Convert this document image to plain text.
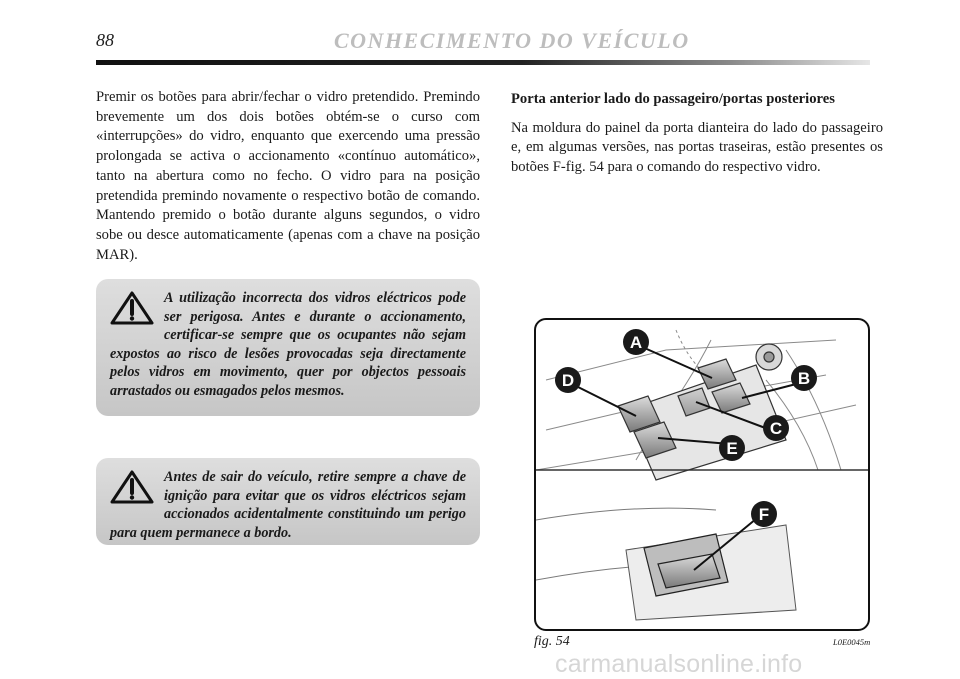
88	CONHECIMENTO DO VEÍCULO

Premir os botões para abrir/fechar o vidro pretendido. Premindo brevemente um dos dois botões obtém-se o curso com «interrupções» do vidro, enquanto que exercendo uma pressão prolongada se activa o accionamento «contínuo automático», tanto na abertura como no fecho. O vidro para na posição pretendida premindo novamente o respectivo botão de comando. Mantendo premido o botão durante alguns segundos, o vidro sobe ou desce automaticamente (apenas com a chave na posição MAR).

A utilização incorrecta dos vidros eléctricos pode ser perigosa. Antes e durante o accionamento, certificar-se sempre que os ocupantes não sejam expostos ao risco de lesões provocadas seja directamente pelos vidros em movimento, quer por objectos pessoais arrastados ou esmagados pelos mesmos.
Antes de sair do veículo, retire sempre a chave de ignição para evitar que os vidros eléctricos sejam accionados acidentalmente constituindo um perigo para quem permanece a bordo.
Porta anterior lado do passageiro/portas posteriores

Na moldura do painel da porta dianteira do lado do passageiro e, em algumas versões, nas portas traseiras, estão presentes os botões F-fig. 54 para o comando do respectivo vidro.

A
B
C
D
E
F
fig. 54	L0E0045m
carmanualsonline.info
